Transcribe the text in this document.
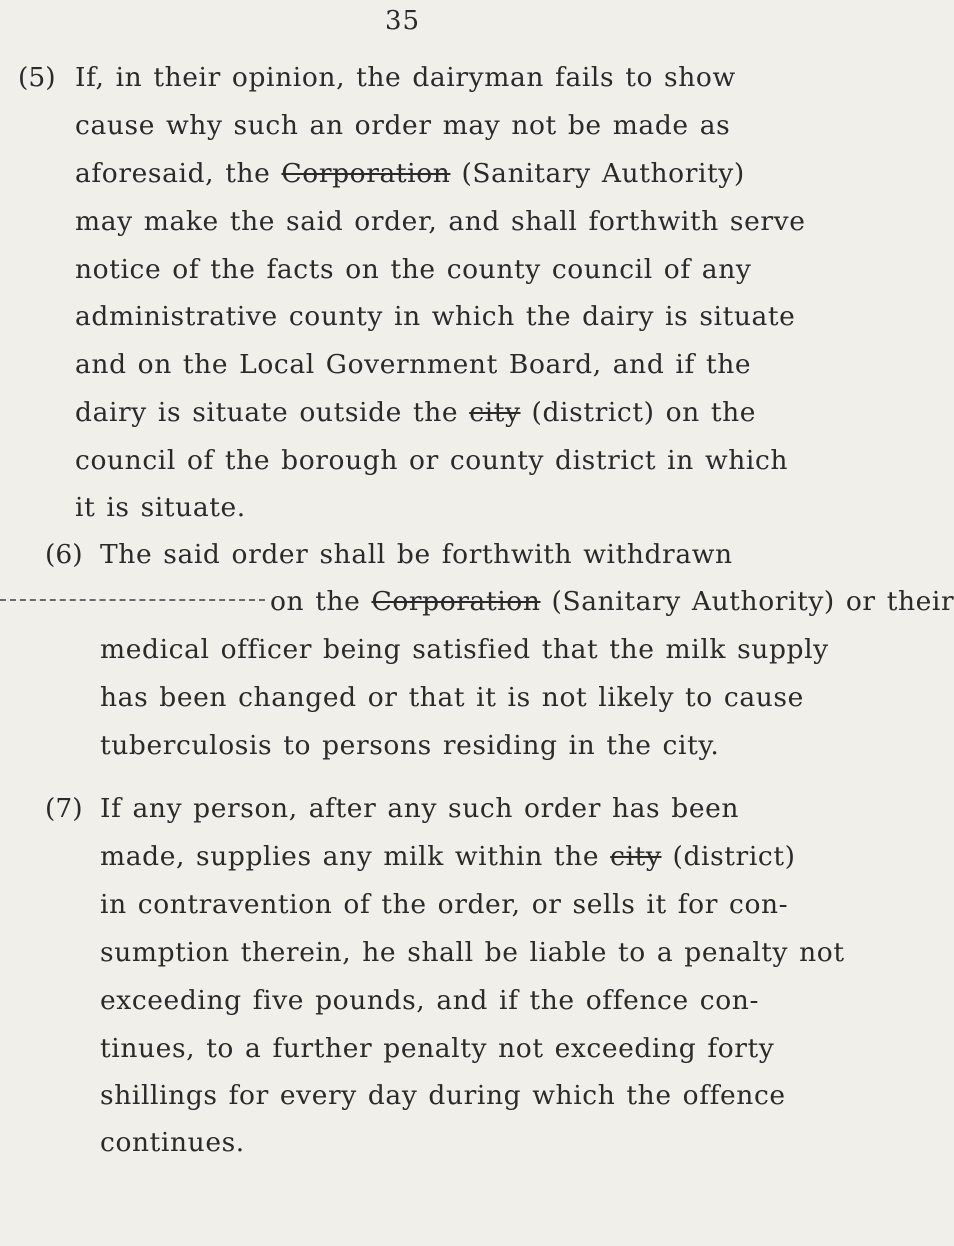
35
(5) If, in their opinion, the dairyman fails to show
cause why such an order may not be made as
aforesaid, the Corporation (Sanitary Authority)
may make the said order, and shall forthwith serve
notice of the facts on the county council of any
administrative county in which the dairy is situate
and on the Local Government Board, and if the
dairy is situate outside the city (district) on the
council of the borough or county district in which
it is situate.
(6) The said order shall be forthwith withdrawn
on the Corporation (Sanitary Authority) or their
medical officer being satisfied that the milk supply
has been changed or that it is not likely to cause
tuberculosis to persons residing in the city.
(7) If any person, after any such order has been
made, supplies any milk within the city (district)
in contravention of the order, or sells it for con-
sumption therein, he shall be liable to a penalty not
exceeding five pounds, and if the offence con-
tinues, to a further penalty not exceeding forty
shillings for every day during which the offence
continues.
